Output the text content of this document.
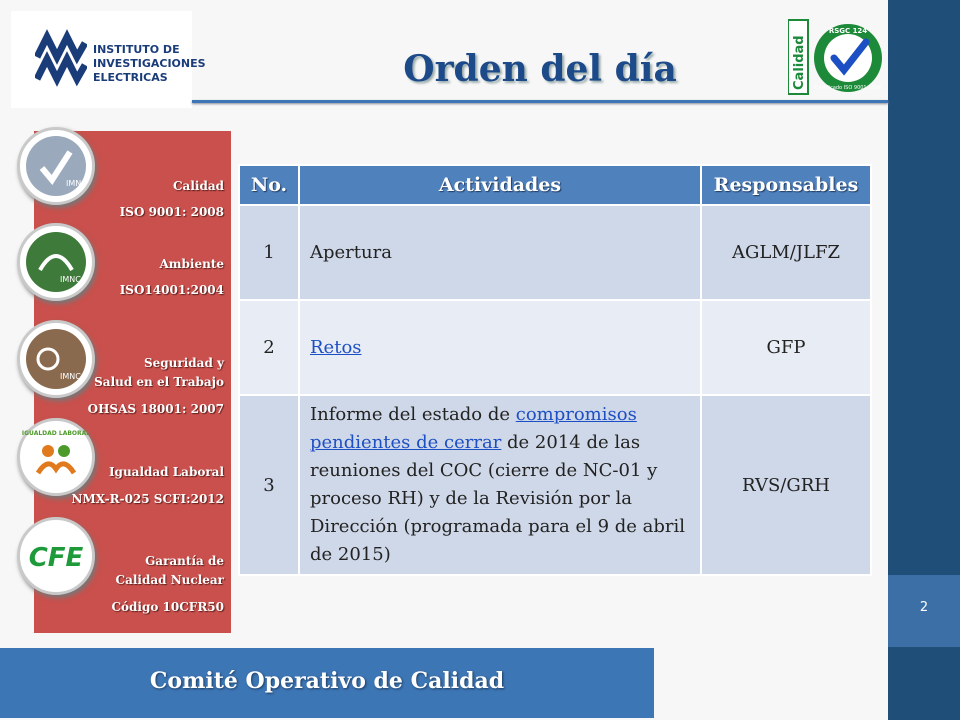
2
INSTITUTO DE
INVESTIGACIONES
ELECTRICAS	Orden del día	Calidad
RSGC 124
Certificado ISO 9001:2008
IMNC
IMNC
IMNC
IGUALDAD LABORAL
CFE
Calidad
ISO 9001: 2008
Ambiente
ISO14001:2004
Seguridad y
Salud en el Trabajo
OHSAS 18001: 2007
Igualdad Laboral
NMX-R-025 SCFI:2012
Garantía de
Calidad Nuclear
Código 10CFR50
No.	Actividades	Responsables
1	Apertura	AGLM/JLFZ
2	Retos	GFP
3	Informe del estado de compromisos pendientes de cerrar de 2014 de las reuniones del COC (cierre de NC-01 y proceso RH) y de la Revisión por la Dirección (programada para el 9 de abril de 2015)	RVS/GRH
Comité Operativo de Calidad
